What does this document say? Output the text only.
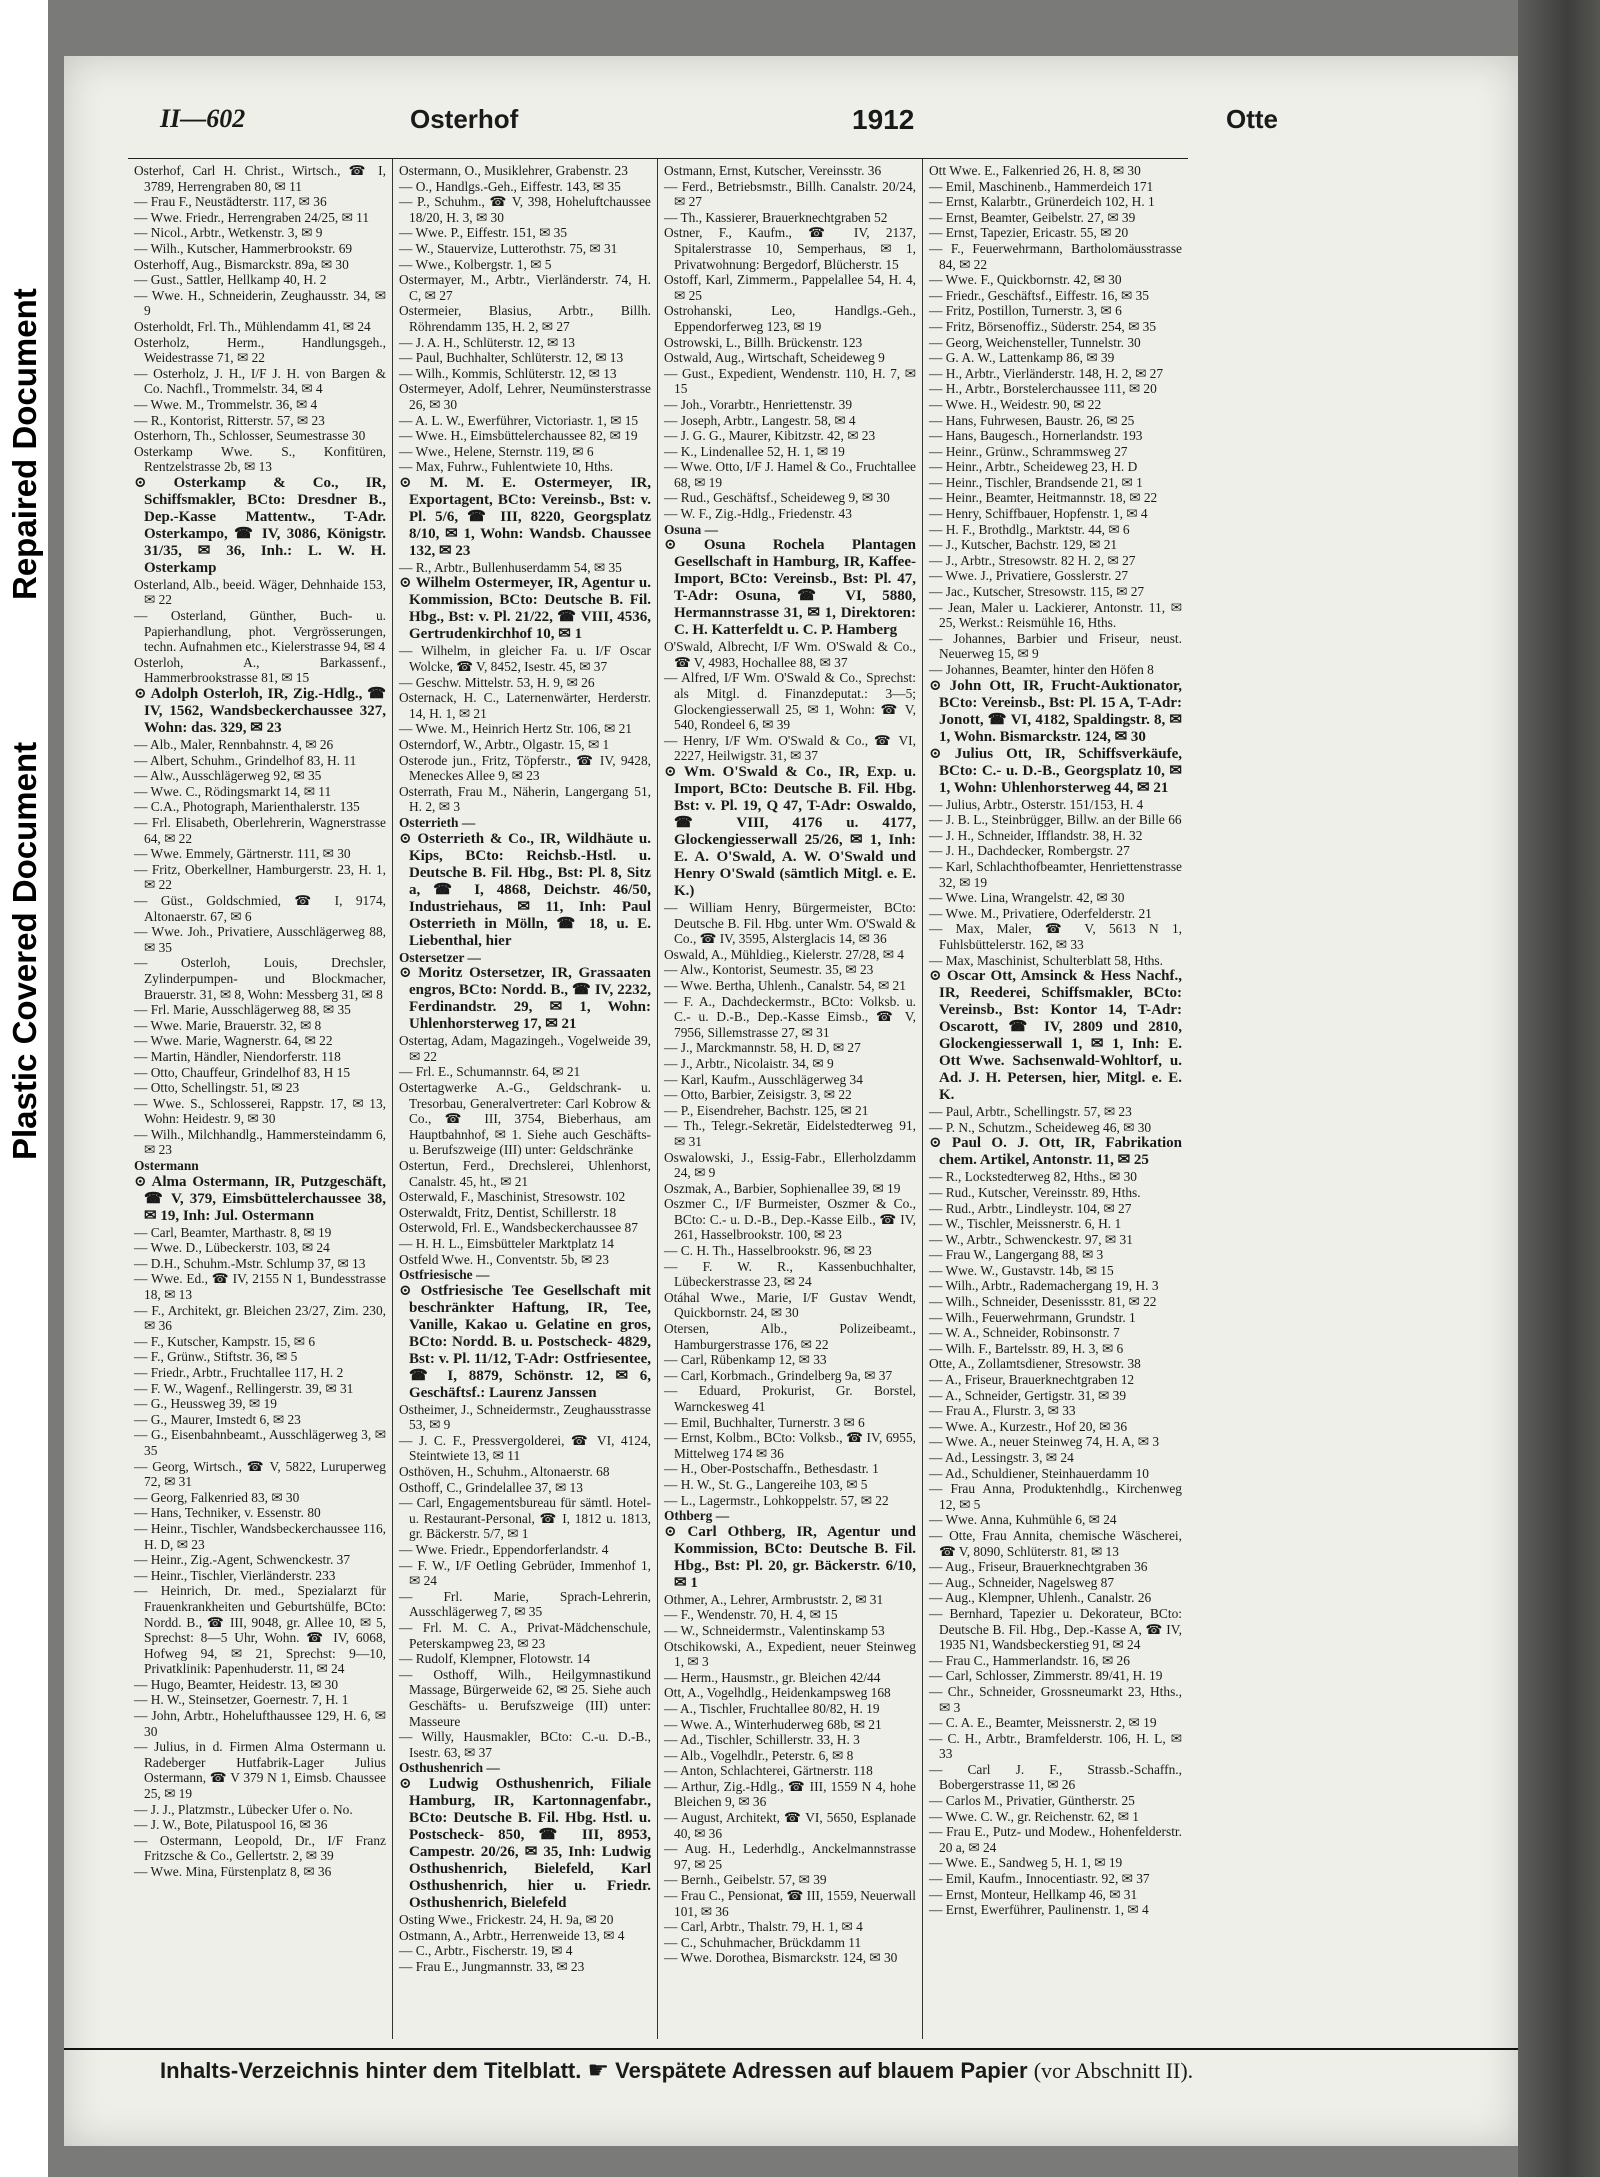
Repaired Document
Plastic Covered Document
II—602	Osterhof	1912	Otte

Osterhof, Carl H. Christ., Wirtsch., ☎ I, 3789, Herrengraben 80, ✉ 11

— Frau F., Neustädterstr. 117, ✉ 36

— Wwe. Friedr., Herrengraben 24/25, ✉ 11

— Nicol., Arbtr., Wetkenstr. 3, ✉ 9

— Wilh., Kutscher, Hammerbrookstr. 69

Osterhoff, Aug., Bismarckstr. 89a, ✉ 30

— Gust., Sattler, Hellkamp 40, H. 2

— Wwe. H., Schneiderin, Zeughausstr. 34, ✉ 9

Osterholdt, Frl. Th., Mühlendamm 41, ✉ 24

Osterholz, Herm., Handlungsgeh., Weidestrasse 71, ✉ 22

— Osterholz, J. H., I/F J. H. von Bargen & Co. Nachfl., Trommelstr. 34, ✉ 4

— Wwe. M., Trommelstr. 36, ✉ 4

— R., Kontorist, Ritterstr. 57, ✉ 23

Osterhorn, Th., Schlosser, Seumestrasse 30

Osterkamp Wwe. S., Konfitüren, Rentzelstrasse 2b, ✉ 13

⊙ Osterkamp & Co., IR, Schiffsmakler, BCto: Dresdner B., Dep.-Kasse Mattentw., T-Adr. Osterkampo, ☎ IV, 3086, Königstr. 31/35, ✉ 36, Inh.: L. W. H. Osterkamp

Osterland, Alb., beeid. Wäger, Dehnhaide 153, ✉ 22

— Osterland, Günther, Buch- u. Papierhandlung, phot. Vergrösserungen, techn. Aufnahmen etc., Kielerstrasse 94, ✉ 4

Osterloh, A., Barkassenf., Hammerbrookstrasse 81, ✉ 15

⊙ Adolph Osterloh, IR, Zig.-Hdlg., ☎ IV, 1562, Wandsbeckerchaussee 327, Wohn: das. 329, ✉ 23

— Alb., Maler, Rennbahnstr. 4, ✉ 26

— Albert, Schuhm., Grindelhof 83, H. 11

— Alw., Ausschlägerweg 92, ✉ 35

— Wwe. C., Rödingsmarkt 14, ✉ 11

— C.A., Photograph, Marienthalerstr. 135

— Frl. Elisabeth, Oberlehrerin, Wagnerstrasse 64, ✉ 22

— Wwe. Emmely, Gärtnerstr. 111, ✉ 30

— Fritz, Oberkellner, Hamburgerstr. 23, H. 1, ✉ 22

— Güst., Goldschmied, ☎ I, 9174, Altonaerstr. 67, ✉ 6

— Wwe. Joh., Privatiere, Ausschlägerweg 88, ✉ 35

— Osterloh, Louis, Drechsler, Zylinderpumpen- und Blockmacher, Brauerstr. 31, ✉ 8, Wohn: Messberg 31, ✉ 8

— Frl. Marie, Ausschlägerweg 88, ✉ 35

— Wwe. Marie, Brauerstr. 32, ✉ 8

— Wwe. Marie, Wagnerstr. 64, ✉ 22

— Martin, Händler, Niendorferstr. 118

— Otto, Chauffeur, Grindelhof 83, H 15

— Otto, Schellingstr. 51, ✉ 23

— Wwe. S., Schlosserei, Rappstr. 17, ✉ 13, Wohn: Heidestr. 9, ✉ 30

— Wilh., Milchhandlg., Hammersteindamm 6, ✉ 23

Ostermann

⊙ Alma Ostermann, IR, Putzgeschäft, ☎ V, 379, Eimsbüttelerchaussee 38, ✉ 19, Inh: Jul. Ostermann

— Carl, Beamter, Marthastr. 8, ✉ 19

— Wwe. D., Lübeckerstr. 103, ✉ 24

— D.H., Schuhm.-Mstr. Schlump 37, ✉ 13

— Wwe. Ed., ☎ IV, 2155 N 1, Bundesstrasse 18, ✉ 13

— F., Architekt, gr. Bleichen 23/27, Zim. 230, ✉ 36

— F., Kutscher, Kampstr. 15, ✉ 6

— F., Grünw., Stiftstr. 36, ✉ 5

— Friedr., Arbtr., Fruchtallee 117, H. 2

— F. W., Wagenf., Rellingerstr. 39, ✉ 31

— G., Heussweg 39, ✉ 19

— G., Maurer, Imstedt 6, ✉ 23

— G., Eisenbahnbeamt., Ausschlägerweg 3, ✉ 35

— Georg, Wirtsch., ☎ V, 5822, Luruperweg 72, ✉ 31

— Georg, Falkenried 83, ✉ 30

— Hans, Techniker, v. Essenstr. 80

— Heinr., Tischler, Wandsbeckerchaussee 116, H. D, ✉ 23

— Heinr., Zig.-Agent, Schwenckestr. 37

— Heinr., Tischler, Vierländerstr. 233

— Heinrich, Dr. med., Spezialarzt für Frauenkrankheiten und Geburtshülfe, BCto: Nordd. B., ☎ III, 9048, gr. Allee 10, ✉ 5, Sprechst: 8—5 Uhr, Wohn. ☎ IV, 6068, Hofweg 94, ✉ 21, Sprechst: 9—10, Privatklinik: Papenhuderstr. 11, ✉ 24

— Hugo, Beamter, Heidestr. 13, ✉ 30

— H. W., Steinsetzer, Goernestr. 7, H. 1

— John, Arbtr., Hohelufthaussee 129, H. 6, ✉ 30

— Julius, in d. Firmen Alma Ostermann u. Radeberger Hutfabrik-Lager Julius Ostermann, ☎ V 379 N 1, Eimsb. Chaussee 25, ✉ 19

— J. J., Platzmstr., Lübecker Ufer o. No.

— J. W., Bote, Pilatuspool 16, ✉ 36

— Ostermann, Leopold, Dr., I/F Franz Fritzsche & Co., Gellertstr. 2, ✉ 39

— Wwe. Mina, Fürstenplatz 8, ✉ 36

Ostermann, O., Musiklehrer, Grabenstr. 23

— O., Handlgs.-Geh., Eiffestr. 143, ✉ 35

— P., Schuhm., ☎ V, 398, Hoheluftchaussee 18/20, H. 3, ✉ 30

— Wwe. P., Eiffestr. 151, ✉ 35

— W., Stauervize, Lutterothstr. 75, ✉ 31

— Wwe., Kolbergstr. 1, ✉ 5

Ostermayer, M., Arbtr., Vierländerstr. 74, H. C, ✉ 27

Ostermeier, Blasius, Arbtr., Billh. Röhrendamm 135, H. 2, ✉ 27

— J. A. H., Schlüterstr. 12, ✉ 13

— Paul, Buchhalter, Schlüterstr. 12, ✉ 13

— Wilh., Kommis, Schlüterstr. 12, ✉ 13

Ostermeyer, Adolf, Lehrer, Neumünsterstrasse 26, ✉ 30

— A. L. W., Ewerführer, Victoriastr. 1, ✉ 15

— Wwe. H., Eimsbüttelerchaussee 82, ✉ 19

— Wwe., Helene, Sternstr. 119, ✉ 6

— Max, Fuhrw., Fuhlentwiete 10, Hths.

⊙ M. M. E. Ostermeyer, IR, Exportagent, BCto: Vereinsb., Bst: v. Pl. 5/6, ☎ III, 8220, Georgsplatz 8/10, ✉ 1, Wohn: Wandsb. Chaussee 132, ✉ 23

— R., Arbtr., Bullenhuserdamm 54, ✉ 35

⊙ Wilhelm Ostermeyer, IR, Agentur u. Kommission, BCto: Deutsche B. Fil. Hbg., Bst: v. Pl. 21/22, ☎ VIII, 4536, Gertrudenkirchhof 10, ✉ 1

— Wilhelm, in gleicher Fa. u. I/F Oscar Wolcke, ☎ V, 8452, Isestr. 45, ✉ 37

— Geschw. Mittelstr. 53, H. 9, ✉ 26

Osternack, H. C., Laternenwärter, Herderstr. 14, H. 1, ✉ 21

— Wwe. M., Heinrich Hertz Str. 106, ✉ 21

Osterndorf, W., Arbtr., Olgastr. 15, ✉ 1

Osterode jun., Fritz, Töpferstr., ☎ IV, 9428, Meneckes Allee 9, ✉ 23

Osterrath, Frau M., Näherin, Langergang 51, H. 2, ✉ 3

Osterrieth —

⊙ Osterrieth & Co., IR, Wildhäute u. Kips, BCto: Reichsb.-Hstl. u. Deutsche B. Fil. Hbg., Bst: Pl. 8, Sitz a, ☎ I, 4868, Deichstr. 46/50, Industriehaus, ✉ 11, Inh: Paul Osterrieth in Mölln, ☎ 18, u. E. Liebenthal, hier

Ostersetzer —

⊙ Moritz Ostersetzer, IR, Grassaaten engros, BCto: Nordd. B., ☎ IV, 2232, Ferdinandstr. 29, ✉ 1, Wohn: Uhlenhorsterweg 17, ✉ 21

Ostertag, Adam, Magazingeh., Vogelweide 39, ✉ 22

— Frl. E., Schumannstr. 64, ✉ 21

Ostertagwerke A.-G., Geldschrank- u. Tresorbau, Generalvertreter: Carl Kobrow & Co., ☎ III, 3754, Bieberhaus, am Hauptbahnhof, ✉ 1. Siehe auch Geschäfts- u. Berufszweige (III) unter: Geldschränke

Ostertun, Ferd., Drechslerei, Uhlenhorst, Canalstr. 45, ht., ✉ 21

Osterwald, F., Maschinist, Stresowstr. 102

Osterwaldt, Fritz, Dentist, Schillerstr. 18

Osterwold, Frl. E., Wandsbeckerchaussee 87

— H. H. L., Eimsbütteler Marktplatz 14

Ostfeld Wwe. H., Conventstr. 5b, ✉ 23

Ostfriesische —

⊙ Ostfriesische Tee Gesellschaft mit beschränkter Haftung, IR, Tee, Vanille, Kakao u. Gelatine en gros, BCto: Nordd. B. u. Postscheck- 4829, Bst: v. Pl. 11/12, T-Adr: Ostfriesentee, ☎ I, 8879, Schönstr. 12, ✉ 6, Geschäftsf.: Laurenz Janssen

Ostheimer, J., Schneidermstr., Zeughausstrasse 53, ✉ 9

— J. C. F., Pressvergolderei, ☎ VI, 4124, Steintwiete 13, ✉ 11

Osthöven, H., Schuhm., Altonaerstr. 68

Osthoff, C., Grindelallee 37, ✉ 13

— Carl, Engagementsbureau für sämtl. Hotel- u. Restaurant-Personal, ☎ I, 1812 u. 1813, gr. Bäckerstr. 5/7, ✉ 1

— Wwe. Friedr., Eppendorferlandstr. 4

— F. W., I/F Oetling Gebrüder, Immenhof 1, ✉ 24

— Frl. Marie, Sprach-Lehrerin, Ausschlägerweg 7, ✉ 35

— Frl. M. C. A., Privat-Mädchenschule, Peterskampweg 23, ✉ 23

— Rudolf, Klempner, Flotowstr. 14

— Osthoff, Wilh., Heilgymnastikund Massage, Bürgerweide 62, ✉ 25. Siehe auch Geschäfts- u. Berufszweige (III) unter: Masseure

— Willy, Hausmakler, BCto: C.-u. D.-B., Isestr. 63, ✉ 37

Osthushenrich —

⊙ Ludwig Osthushenrich, Filiale Hamburg, IR, Kartonnagenfabr., BCto: Deutsche B. Fil. Hbg. Hstl. u. Postscheck- 850, ☎ III, 8953, Campestr. 20/26, ✉ 35, Inh: Ludwig Osthushenrich, Bielefeld, Karl Osthushenrich, hier u. Friedr. Osthushenrich, Bielefeld

Osting Wwe., Frickestr. 24, H. 9a, ✉ 20

Ostmann, A., Arbtr., Herrenweide 13, ✉ 4

— C., Arbtr., Fischerstr. 19, ✉ 4

— Frau E., Jungmannstr. 33, ✉ 23

Ostmann, Ernst, Kutscher, Vereinsstr. 36

— Ferd., Betriebsmstr., Billh. Canalstr. 20/24, ✉ 27

— Th., Kassierer, Brauerknechtgraben 52

Ostner, F., Kaufm., ☎ IV, 2137, Spitalerstrasse 10, Semperhaus, ✉ 1, Privatwohnung: Bergedorf, Blücherstr. 15

Ostoff, Karl, Zimmerm., Pappelallee 54, H. 4, ✉ 25

Ostrohanski, Leo, Handlgs.-Geh., Eppendorferweg 123, ✉ 19

Ostrowski, L., Billh. Brückenstr. 123

Ostwald, Aug., Wirtschaft, Scheideweg 9

— Gust., Expedient, Wendenstr. 110, H. 7, ✉ 15

— Joh., Vorarbtr., Henriettenstr. 39

— Joseph, Arbtr., Langestr. 58, ✉ 4

— J. G. G., Maurer, Kibitzstr. 42, ✉ 23

— K., Lindenallee 52, H. 1, ✉ 19

— Wwe. Otto, I/F J. Hamel & Co., Fruchtallee 68, ✉ 19

— Rud., Geschäftsf., Scheideweg 9, ✉ 30

— W. F., Zig.-Hdlg., Friedenstr. 43

Osuna —

⊙ Osuna Rochela Plantagen Gesellschaft in Hamburg, IR, Kaffee-Import, BCto: Vereinsb., Bst: Pl. 47, T-Adr: Osuna, ☎ VI, 5880, Hermannstrasse 31, ✉ 1, Direktoren: C. H. Katterfeldt u. C. P. Hamberg

O'Swald, Albrecht, I/F Wm. O'Swald & Co., ☎ V, 4983, Hochallee 88, ✉ 37

— Alfred, I/F Wm. O'Swald & Co., Sprechst: als Mitgl. d. Finanzdeputat.: 3—5; Glockengiesserwall 25, ✉ 1, Wohn: ☎ V, 540, Rondeel 6, ✉ 39

— Henry, I/F Wm. O'Swald & Co., ☎ VI, 2227, Heilwigstr. 31, ✉ 37

⊙ Wm. O'Swald & Co., IR, Exp. u. Import, BCto: Deutsche B. Fil. Hbg. Bst: v. Pl. 19, Q 47, T-Adr: Oswaldo, ☎ VIII, 4176 u. 4177, Glockengiesserwall 25/26, ✉ 1, Inh: E. A. O'Swald, A. W. O'Swald und Henry O'Swald (sämtlich Mitgl. e. E. K.)

— William Henry, Bürgermeister, BCto: Deutsche B. Fil. Hbg. unter Wm. O'Swald & Co., ☎ IV, 3595, Alsterglacis 14, ✉ 36

Oswald, A., Mühldieg., Kielerstr. 27/28, ✉ 4

— Alw., Kontorist, Seumestr. 35, ✉ 23

— Wwe. Bertha, Uhlenh., Canalstr. 54, ✉ 21

— F. A., Dachdeckermstr., BCto: Volksb. u. C.- u. D.-B., Dep.-Kasse Eimsb., ☎ V, 7956, Sillemstrasse 27, ✉ 31

— J., Marckmannstr. 58, H. D, ✉ 27

— J., Arbtr., Nicolaistr. 34, ✉ 9

— Karl, Kaufm., Ausschlägerweg 34

— Otto, Barbier, Zeisigstr. 3, ✉ 22

— P., Eisendreher, Bachstr. 125, ✉ 21

— Th., Telegr.-Sekretär, Eidelstedterweg 91, ✉ 31

Oswalowski, J., Essig-Fabr., Ellerholzdamm 24, ✉ 9

Oszmak, A., Barbier, Sophienallee 39, ✉ 19

Oszmer C., I/F Burmeister, Oszmer & Co., BCto: C.- u. D.-B., Dep.-Kasse Eilb., ☎ IV, 261, Hasselbrookstr. 100, ✉ 23

— C. H. Th., Hasselbrookstr. 96, ✉ 23

— F. W. R., Kassenbuchhalter, Lübeckerstrasse 23, ✉ 24

Otáhal Wwe., Marie, I/F Gustav Wendt, Quickbornstr. 24, ✉ 30

Otersen, Alb., Polizeibeamt., Hamburgerstrasse 176, ✉ 22

— Carl, Rübenkamp 12, ✉ 33

— Carl, Korbmach., Grindelberg 9a, ✉ 37

— Eduard, Prokurist, Gr. Borstel, Warnckesweg 41

— Emil, Buchhalter, Turnerstr. 3 ✉ 6

— Ernst, Kolbm., BCto: Volksb., ☎ IV, 6955, Mittelweg 174 ✉ 36

— H., Ober-Postschaffn., Bethesdastr. 1

— H. W., St. G., Langereihe 103, ✉ 5

— L., Lagermstr., Lohkoppelstr. 57, ✉ 22

Othberg —

⊙ Carl Othberg, IR, Agentur und Kommission, BCto: Deutsche B. Fil. Hbg., Bst: Pl. 20, gr. Bäckerstr. 6/10, ✉ 1

Othmer, A., Lehrer, Armbruststr. 2, ✉ 31

— F., Wendenstr. 70, H. 4, ✉ 15

— W., Schneidermstr., Valentinskamp 53

Otschikowski, A., Expedient, neuer Steinweg 1, ✉ 3

— Herm., Hausmstr., gr. Bleichen 42/44

Ott, A., Vogelhdlg., Heidenkampsweg 168

— A., Tischler, Fruchtallee 80/82, H. 19

— Wwe. A., Winterhuderweg 68b, ✉ 21

— Ad., Tischler, Schillerstr. 33, H. 3

— Alb., Vogelhdlr., Peterstr. 6, ✉ 8

— Anton, Schlachterei, Gärtnerstr. 118

— Arthur, Zig.-Hdlg., ☎ III, 1559 N 4, hohe Bleichen 9, ✉ 36

— August, Architekt, ☎ VI, 5650, Esplanade 40, ✉ 36

— Aug. H., Lederhdlg., Anckelmannstrasse 97, ✉ 25

— Bernh., Geibelstr. 57, ✉ 39

— Frau C., Pensionat, ☎ III, 1559, Neuerwall 101, ✉ 36

— Carl, Arbtr., Thalstr. 79, H. 1, ✉ 4

— C., Schuhmacher, Brückdamm 11

— Wwe. Dorothea, Bismarckstr. 124, ✉ 30

Ott Wwe. E., Falkenried 26, H. 8, ✉ 30

— Emil, Maschinenb., Hammerdeich 171

— Ernst, Kalarbtr., Grünerdeich 102, H. 1

— Ernst, Beamter, Geibelstr. 27, ✉ 39

— Ernst, Tapezier, Ericastr. 55, ✉ 20

— F., Feuerwehrmann, Bartholomäusstrasse 84, ✉ 22

— Wwe. F., Quickbornstr. 42, ✉ 30

— Friedr., Geschäftsf., Eiffestr. 16, ✉ 35

— Fritz, Postillon, Turnerstr. 3, ✉ 6

— Fritz, Börsenoffiz., Süderstr. 254, ✉ 35

— Georg, Weichensteller, Tunnelstr. 30

— G. A. W., Lattenkamp 86, ✉ 39

— H., Arbtr., Vierländerstr. 148, H. 2, ✉ 27

— H., Arbtr., Borstelerchaussee 111, ✉ 20

— Wwe. H., Weidestr. 90, ✉ 22

— Hans, Fuhrwesen, Baustr. 26, ✉ 25

— Hans, Baugesch., Hornerlandstr. 193

— Heinr., Grünw., Schrammsweg 27

— Heinr., Arbtr., Scheideweg 23, H. D

— Heinr., Tischler, Brandsende 21, ✉ 1

— Heinr., Beamter, Heitmannstr. 18, ✉ 22

— Henry, Schiffbauer, Hopfenstr. 1, ✉ 4

— H. F., Brothdlg., Marktstr. 44, ✉ 6

— J., Kutscher, Bachstr. 129, ✉ 21

— J., Arbtr., Stresowstr. 82 H. 2, ✉ 27

— Wwe. J., Privatiere, Gosslerstr. 27

— Jac., Kutscher, Stresowstr. 115, ✉ 27

— Jean, Maler u. Lackierer, Antonstr. 11, ✉ 25, Werkst.: Reismühle 16, Hths.

— Johannes, Barbier und Friseur, neust. Neuerweg 15, ✉ 9

— Johannes, Beamter, hinter den Höfen 8

⊙ John Ott, IR, Frucht-Auktionator, BCto: Vereinsb., Bst: Pl. 15 A, T-Adr: Jonott, ☎ VI, 4182, Spaldingstr. 8, ✉ 1, Wohn. Bismarckstr. 124, ✉ 30

⊙ Julius Ott, IR, Schiffsverkäufe, BCto: C.- u. D.-B., Georgsplatz 10, ✉ 1, Wohn: Uhlenhorsterweg 44, ✉ 21

— Julius, Arbtr., Osterstr. 151/153, H. 4

— J. B. L., Steinbrügger, Billw. an der Bille 66

— J. H., Schneider, Ifflandstr. 38, H. 32

— J. H., Dachdecker, Rombergstr. 27

— Karl, Schlachthofbeamter, Henriettenstrasse 32, ✉ 19

— Wwe. Lina, Wrangelstr. 42, ✉ 30

— Wwe. M., Privatiere, Oderfelderstr. 21

— Max, Maler, ☎ V, 5613 N 1, Fuhlsbüttelerstr. 162, ✉ 33

— Max, Maschinist, Schulterblatt 58, Hths.

⊙ Oscar Ott, Amsinck & Hess Nachf., IR, Reederei, Schiffsmakler, BCto: Vereinsb., Bst: Kontor 14, T-Adr: Oscarott, ☎ IV, 2809 und 2810, Glockengiesserwall 1, ✉ 1, Inh: E. Ott Wwe. Sachsenwald-Wohltorf, u. Ad. J. H. Petersen, hier, Mitgl. e. E. K.

— Paul, Arbtr., Schellingstr. 57, ✉ 23

— P. N., Schutzm., Scheideweg 46, ✉ 30

⊙ Paul O. J. Ott, IR, Fabrikation chem. Artikel, Antonstr. 11, ✉ 25

— R., Lockstedterweg 82, Hths., ✉ 30

— Rud., Kutscher, Vereinsstr. 89, Hths.

— Rud., Arbtr., Lindleystr. 104, ✉ 27

— W., Tischler, Meissnerstr. 6, H. 1

— W., Arbtr., Schwenckestr. 97, ✉ 31

— Frau W., Langergang 88, ✉ 3

— Wwe. W., Gustavstr. 14b, ✉ 15

— Wilh., Arbtr., Rademachergang 19, H. 3

— Wilh., Schneider, Desenissstr. 81, ✉ 22

— Wilh., Feuerwehrmann, Grundstr. 1

— W. A., Schneider, Robinsonstr. 7

— Wilh. F., Bartelsstr. 89, H. 3, ✉ 6

Otte, A., Zollamtsdiener, Stresowstr. 38

— A., Friseur, Brauerknechtgraben 12

— A., Schneider, Gertigstr. 31, ✉ 39

— Frau A., Flurstr. 3, ✉ 33

— Wwe. A., Kurzestr., Hof 20, ✉ 36

— Wwe. A., neuer Steinweg 74, H. A, ✉ 3

— Ad., Lessingstr. 3, ✉ 24

— Ad., Schuldiener, Steinhauerdamm 10

— Frau Anna, Produktenhdlg., Kirchenweg 12, ✉ 5

— Wwe. Anna, Kuhmühle 6, ✉ 24

— Otte, Frau Annita, chemische Wäscherei, ☎ V, 8090, Schlüterstr. 81, ✉ 13

— Aug., Friseur, Brauerknechtgraben 36

— Aug., Schneider, Nagelsweg 87

— Aug., Klempner, Uhlenh., Canalstr. 26

— Bernhard, Tapezier u. Dekorateur, BCto: Deutsche B. Fil. Hbg., Dep.-Kasse A, ☎ IV, 1935 N1, Wandsbeckerstieg 91, ✉ 24

— Frau C., Hammerlandstr. 16, ✉ 26

— Carl, Schlosser, Zimmerstr. 89/41, H. 19

— Chr., Schneider, Grossneumarkt 23, Hths., ✉ 3

— C. A. E., Beamter, Meissnerstr. 2, ✉ 19

— C. H., Arbtr., Bramfelderstr. 106, H. L, ✉ 33

— Carl J. F., Strassb.-Schaffn., Bobergerstrasse 11, ✉ 26

— Carlos M., Privatier, Güntherstr. 25

— Wwe. C. W., gr. Reichenstr. 62, ✉ 1

— Frau E., Putz- und Modew., Hohenfelderstr. 20 a, ✉ 24

— Wwe. E., Sandweg 5, H. 1, ✉ 19

— Emil, Kaufm., Innocentiastr. 92, ✉ 37

— Ernst, Monteur, Hellkamp 46, ✉ 31

— Ernst, Ewerführer, Paulinenstr. 1, ✉ 4

Inhalts-Verzeichnis hinter dem Titelblatt. ☛ Verspätete Adressen auf blauem Papier (vor Abschnitt II).
